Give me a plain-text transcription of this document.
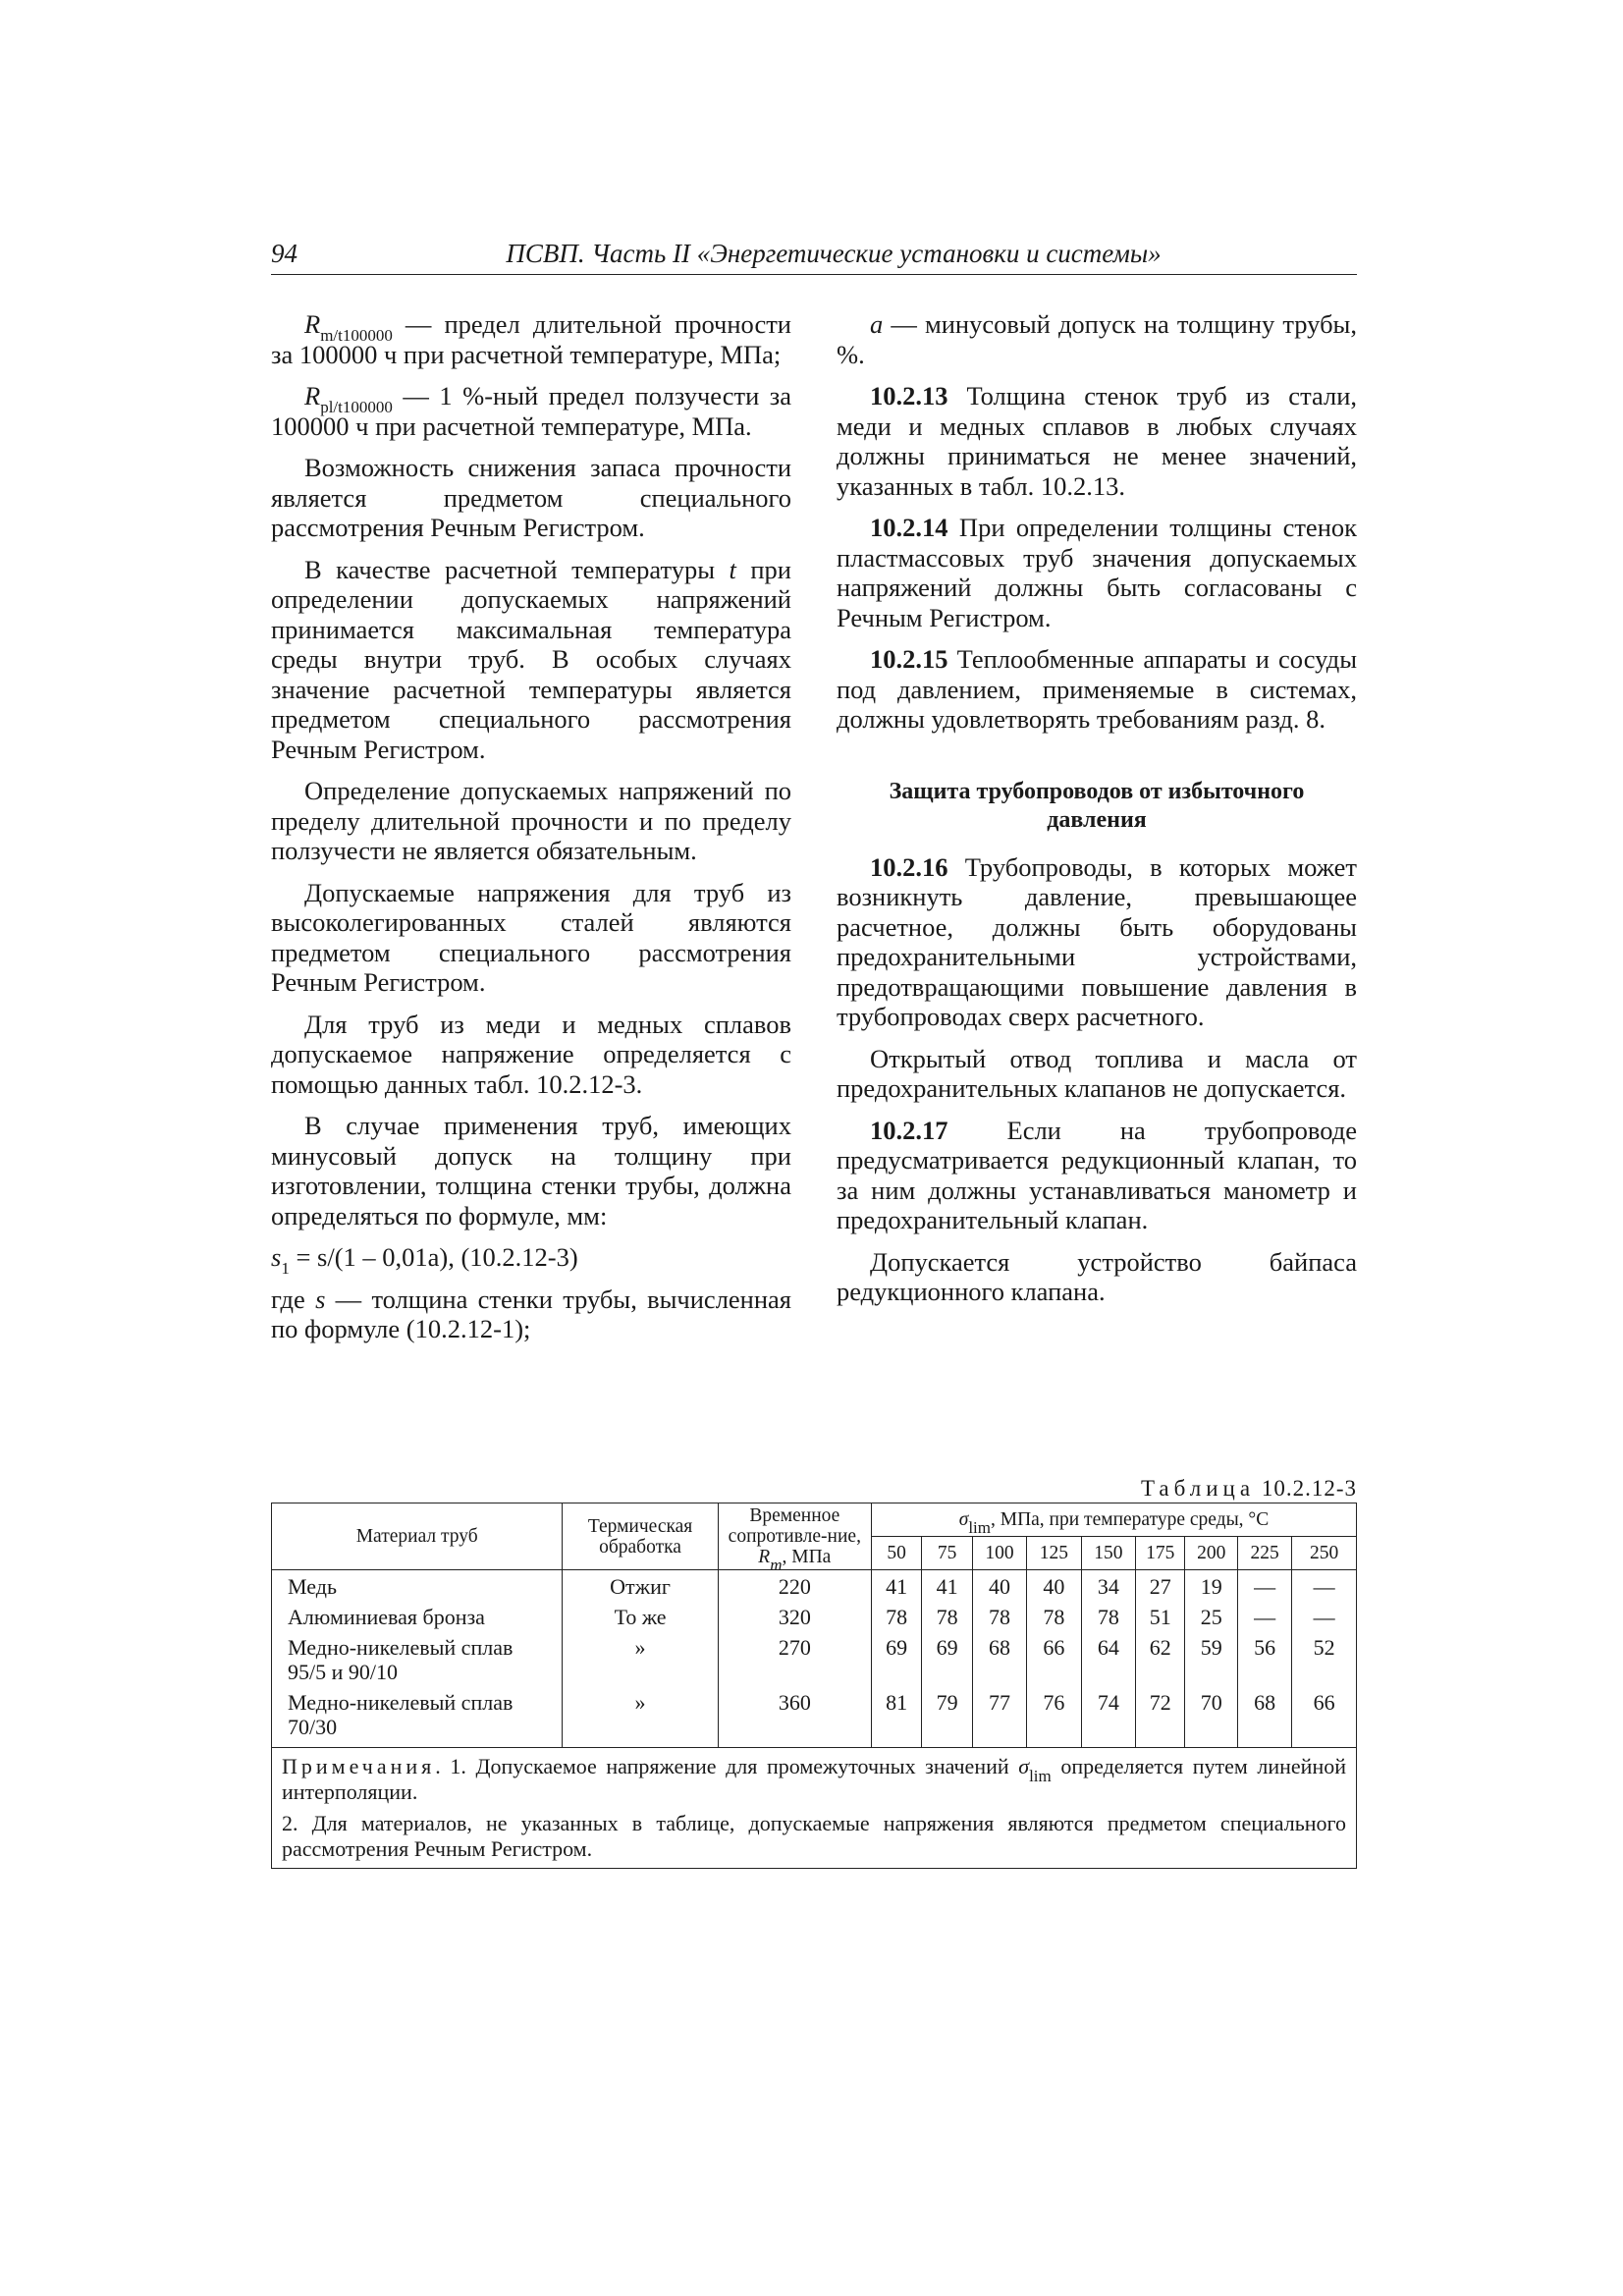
94	ПСВП. Часть II «Энергетические установки и системы»

$R_{m/t100000}$ — предел длительной прочности за 100000 ч при расчетной температуре, МПа;

$R_{pl/t100000}$ — 1 %-ный предел ползучести за 100000 ч при расчетной температуре, МПа.

Возможность снижения запаса прочности является предметом специального рассмотрения Речным Регистром.

В качестве расчетной температуры t при определении допускаемых напряжений принимается максимальная температура среды внутри труб. В особых случаях значение расчетной температуры является предметом специального рассмотрения Речным Регистром.

Определение допускаемых напряжений по пределу длительной прочности и по пределу ползучести не является обязательным.

Допускаемые напряжения для труб из высоколегированных сталей являются предметом специального рассмотрения Речным Регистром.

Для труб из меди и медных сплавов допускаемое напряжение определяется с помощью данных табл. 10.2.12-3.

В случае применения труб, имеющих минусовый допуск на толщину при изготовлении, толщина стенки трубы, должна определяться по формуле, мм:

$s_1 = s/(1 - 0,01a)$, (10.2.12-3)

где s — толщина стенки трубы, вычисленная по формуле (10.2.12-1);

a — минусовый допуск на толщину трубы, %.

10.2.13 Толщина стенок труб из стали, меди и медных сплавов в любых случаях должны приниматься не менее значений, указанных в табл. 10.2.13.

10.2.14 При определении толщины стенок пластмассовых труб значения допускаемых напряжений должны быть согласованы с Речным Регистром.

10.2.15 Теплообменные аппараты и сосуды под давлением, применяемые в системах, должны удовлетворять требованиям разд. 8.

Защита трубопроводов от избыточного давления

10.2.16 Трубопроводы, в которых может возникнуть давление, превышающее расчетное, должны быть оборудованы предохранительными устройствами, предотвращающими повышение давления в трубопроводах сверх расчетного.

Открытый отвод топлива и масла от предохранительных клапанов не допускается.

10.2.17 Если на трубопроводе предусматривается редукционный клапан, то за ним должны устанавливаться манометр и предохранительный клапан.

Допускается устройство байпаса редукционного клапана.

Таблица 10.2.12-3
Материал труб	Термическая обработка	Временное сопротивле-ние, $R_m$, МПа	$\sigma_{lim}$, МПа, при температуре среды, °С								
			50	75	100	125	150	175	200	225	250
Медь	Отжиг	220	41	41	40	40	34	27	19	—	—
Алюминиевая бронза	То же	320	78	78	78	78	78	51	25	—	—
Медно-никелевый сплав 95/5 и 90/10	»	270	69	69	68	66	64	62	59	56	52
Медно-никелевый сплав 70/30	»	360	81	79	77	76	74	72	70	68	66

Примечания. 1. Допускаемое напряжение для промежуточных значений $\sigma_{lim}$ определяется путем линейной интерполяции.

2. Для материалов, не указанных в таблице, допускаемые напряжения являются предметом специального рассмотрения Речным Регистром.											
